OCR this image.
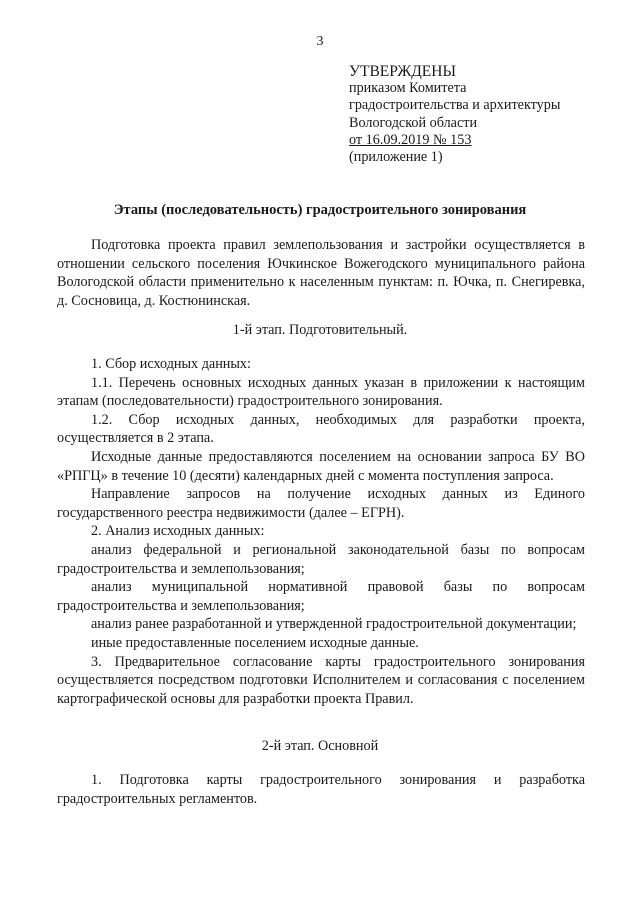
3
УТВЕРЖДЕНЫ
приказом Комитета
градостроительства и архитектуры
Вологодской области
от 16.09.2019 № 153
(приложение 1)
Этапы (последовательность) градостроительного зонирования

Подготовка проекта правил землепользования и застройки осуществляется в отношении сельского поселения Ючкинское Вожегодского муниципального района Вологодской области применительно к населенным пунктам: п. Ючка, п. Снегиревка, д. Сосновица, д. Костюнинская.

1-й этап. Подготовительный.

1. Сбор исходных данных:

1.1. Перечень основных исходных данных указан в приложении к настоящим этапам (последовательности) градостроительного зонирования.

1.2. Сбор исходных данных, необходимых для разработки проекта, осуществляется в 2 этапа.

Исходные данные предоставляются поселением на основании запроса БУ ВО «РПГЦ» в течение 10 (десяти) календарных дней с момента поступления запроса.

Направление запросов на получение исходных данных из Единого государственного реестра недвижимости (далее – ЕГРН).

2. Анализ исходных данных:

анализ федеральной и региональной законодательной базы по вопросам градостроительства и землепользования;

анализ муниципальной нормативной правовой базы по вопросам градостроительства и землепользования;

анализ ранее разработанной и утвержденной градостроительной документации;

иные предоставленные поселением исходные данные.

3. Предварительное согласование карты градостроительного зонирования осуществляется посредством подготовки Исполнителем и согласования с поселением картографической основы для разработки проекта Правил.

2-й этап. Основной

1. Подготовка карты градостроительного зонирования и разработка градостроительных регламентов.
